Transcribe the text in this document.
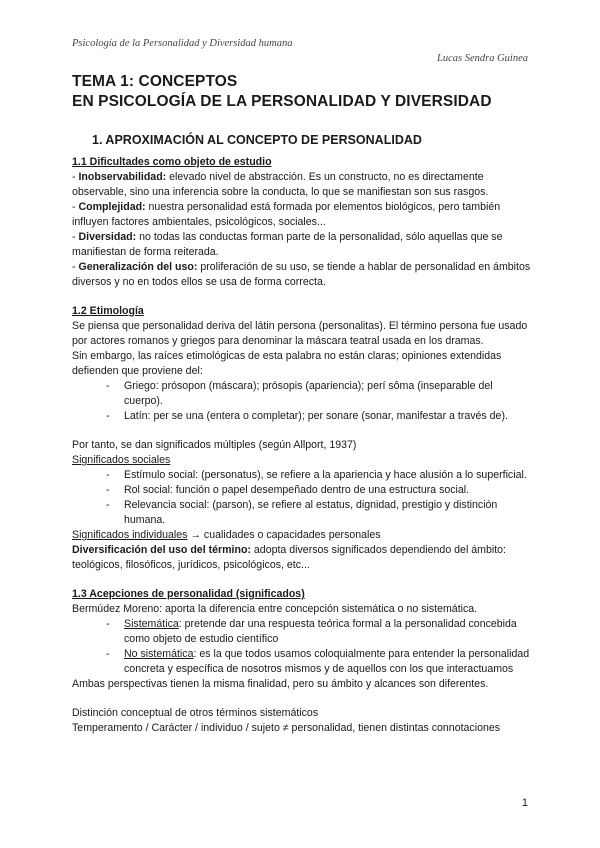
Psicología de la Personalidad y Diversidad humana
Lucas Sendra Guinea
TEMA 1: CONCEPTOS
EN PSICOLOGÍA DE LA PERSONALIDAD Y DIVERSIDAD
1. APROXIMACIÓN AL CONCEPTO DE PERSONALIDAD

1.1 Dificultades como objeto de estudio

- Inobservabilidad: elevado nivel de abstracción. Es un constructo, no es directamente observable, sino una inferencia sobre la conducta, lo que se manifiestan son sus rasgos.

- Complejidad: nuestra personalidad está formada por elementos biológicos, pero también influyen factores ambientales, psicológicos, sociales...

- Diversidad: no todas las conductas forman parte de la personalidad, sólo aquellas que se manifiestan de forma reiterada.

- Generalización del uso: proliferación de su uso, se tiende a hablar de personalidad en ámbitos diversos y no en todos ellos se usa de forma correcta.

1.2 Etimología

Se piensa que personalidad deriva del látin persona (personalitas). El término persona fue usado por actores romanos y griegos para denominar la máscara teatral usada en los dramas.

Sin embargo, las raíces etimológicas de esta palabra no están claras; opiniones extendidas defienden que proviene del:

- Griego: prósopon (máscara); prósopis (apariencia); perí sôma (inseparable del cuerpo).
- Latín: per se una (entera o completar); per sonare (sonar, manifestar a través de).

Por tanto, se dan significados múltiples (según Allport, 1937)

Significados sociales

- Estímulo social: (personatus), se refiere a la apariencia y hace alusión a lo superficial.
- Rol social: función o papel desempeñado dentro de una estructura social.
- Relevancia social: (parson), se refiere al estatus, dignidad, prestigio y distinción humana.

Significados individuales → cualidades o capacidades personales

Diversificación del uso del término: adopta diversos significados dependiendo del ámbito: teológicos, filosóficos, jurídicos, psicológicos, etc...

1.3 Acepciones de personalidad (significados)

Bermúdez Moreno: aporta la diferencia entre concepción sistemática o no sistemática.

- Sistemática: pretende dar una respuesta teórica formal a la personalidad concebida como objeto de estudio científico
- No sistemática: es la que todos usamos coloquialmente para entender la personalidad concreta y específica de nosotros mismos y de aquellos con los que interactuamos

Ambas perspectivas tienen la misma finalidad, pero su ámbito y alcances son diferentes.

Distinción conceptual de otros términos sistemáticos

Temperamento / Carácter / individuo / sujeto ≠ personalidad, tienen distintas connotaciones

1
